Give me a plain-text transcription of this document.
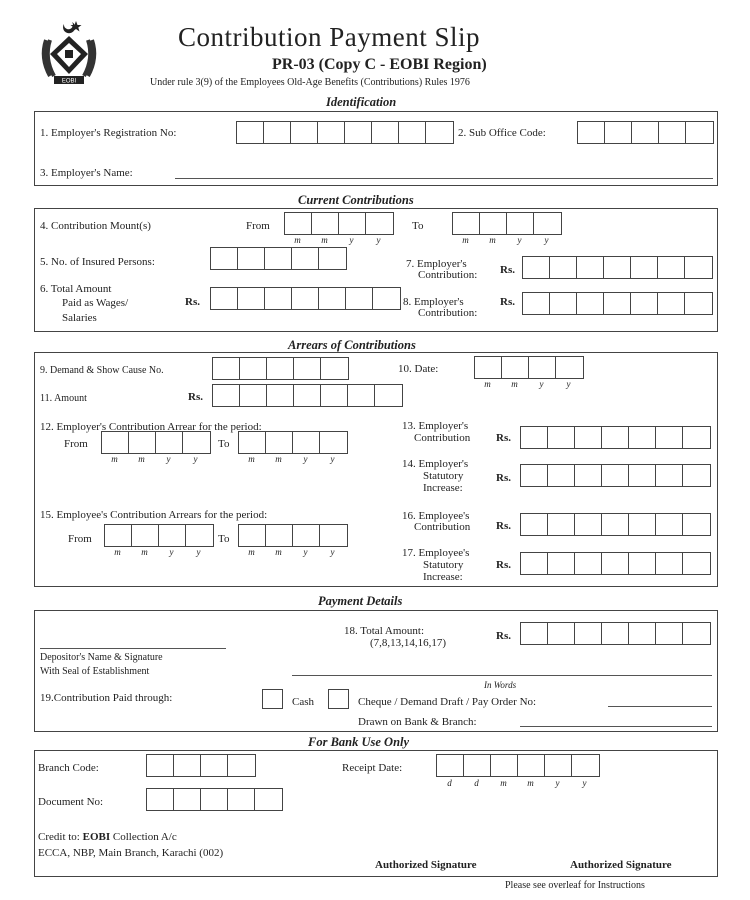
EOBI
Contribution Payment Slip
PR-03 (Copy C - EOBI Region)
Under rule 3(9) of the Employees Old-Age Benefits (Contributions) Rules 1976
Identification
1. Employer's Registration No:	2. Sub Office Code:
3. Employer's Name:
Current Contributions
4. Contribution Mount(s)	From
m	m	y	y
To
m	m	y	y
5. No. of Insured Persons:	7. Employer's
Contribution: Rs.
6. Total Amount
Paid as Wages/
Salaries
Rs.	8. Employer's
Contribution:
Rs.
Arrears of Contributions
9. Demand & Show Cause No.	10. Date:
m	m	y	y
11. Amount	Rs.
12. Employer's Contribution Arrear for the period:
From
m	m	y	y
To
m	m	y	y
13. Employer's
Contribution Rs.
14. Employer's
Statutory
Increase:
Rs.
15. Employee's Contribution Arrears for the period:
From
m	m	y	y
To
m	m	y	y
16. Employee's
Contribution Rs.
17. Employee's
Statutory
Increase:
Rs.
Payment Details
Depositor's Name & Signature
With Seal of Establishment
18. Total Amount:
(7,8,13,14,16,17)
Rs.
In Words
19.Contribution Paid through:	Cash	Cheque / Demand Draft / Pay Order No:
Drawn on Bank & Branch:
For Bank Use Only
Branch Code:	Receipt Date:
d	d	m	m	y	y
Document No:
Credit to: EOBI Collection A/c
ECCA, NBP, Main Branch, Karachi (002)
Authorized Signature	Authorized Signature
Please see overleaf for Instructions
